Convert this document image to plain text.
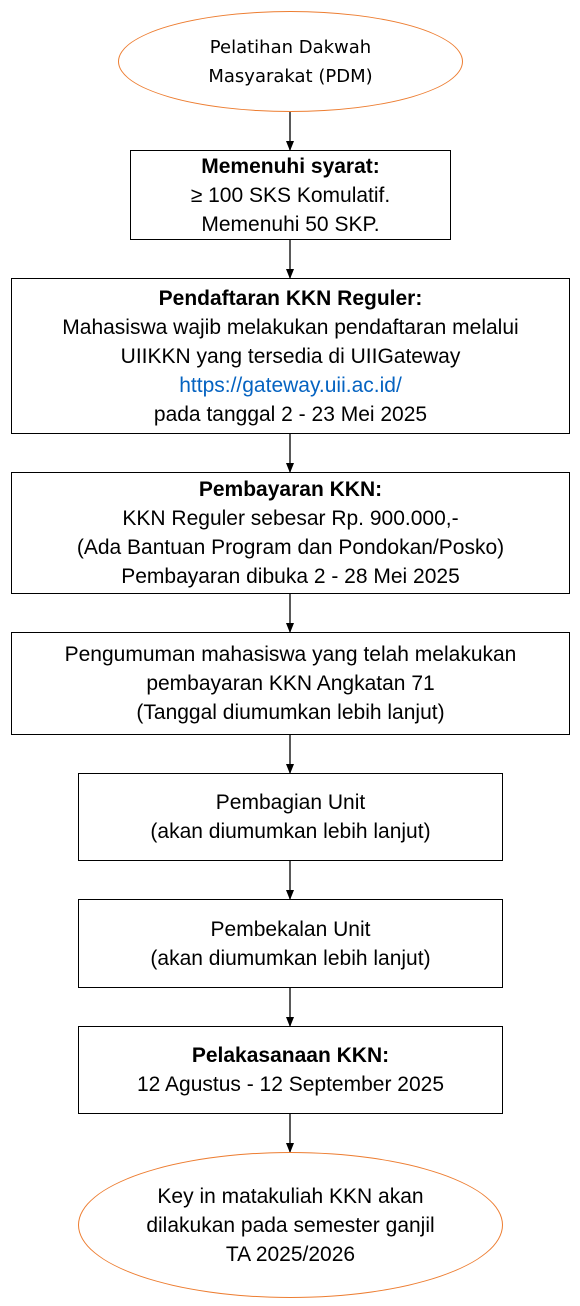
Pelatihan Dakwah
Masyarakat (PDM)
Memenuhi syarat:
≥ 100 SKS Komulatif.
Memenuhi 50 SKP.
Pendaftaran KKN Reguler:
Mahasiswa wajib melakukan pendaftaran melalui
UIIKKN yang tersedia di UIIGateway
https://gateway.uii.ac.id/
pada tanggal 2 - 23 Mei 2025
Pembayaran KKN:
KKN Reguler sebesar Rp. 900.000,-
(Ada Bantuan Program dan Pondokan/Posko)
Pembayaran dibuka 2 - 28 Mei 2025
Pengumuman mahasiswa yang telah melakukan
pembayaran KKN Angkatan 71
(Tanggal diumumkan lebih lanjut)
Pembagian Unit
(akan diumumkan lebih lanjut)
Pembekalan Unit
(akan diumumkan lebih lanjut)
Pelakasanaan KKN:
12 Agustus - 12 September 2025
Key in matakuliah KKN akan
dilakukan pada semester ganjil
TA 2025/2026
